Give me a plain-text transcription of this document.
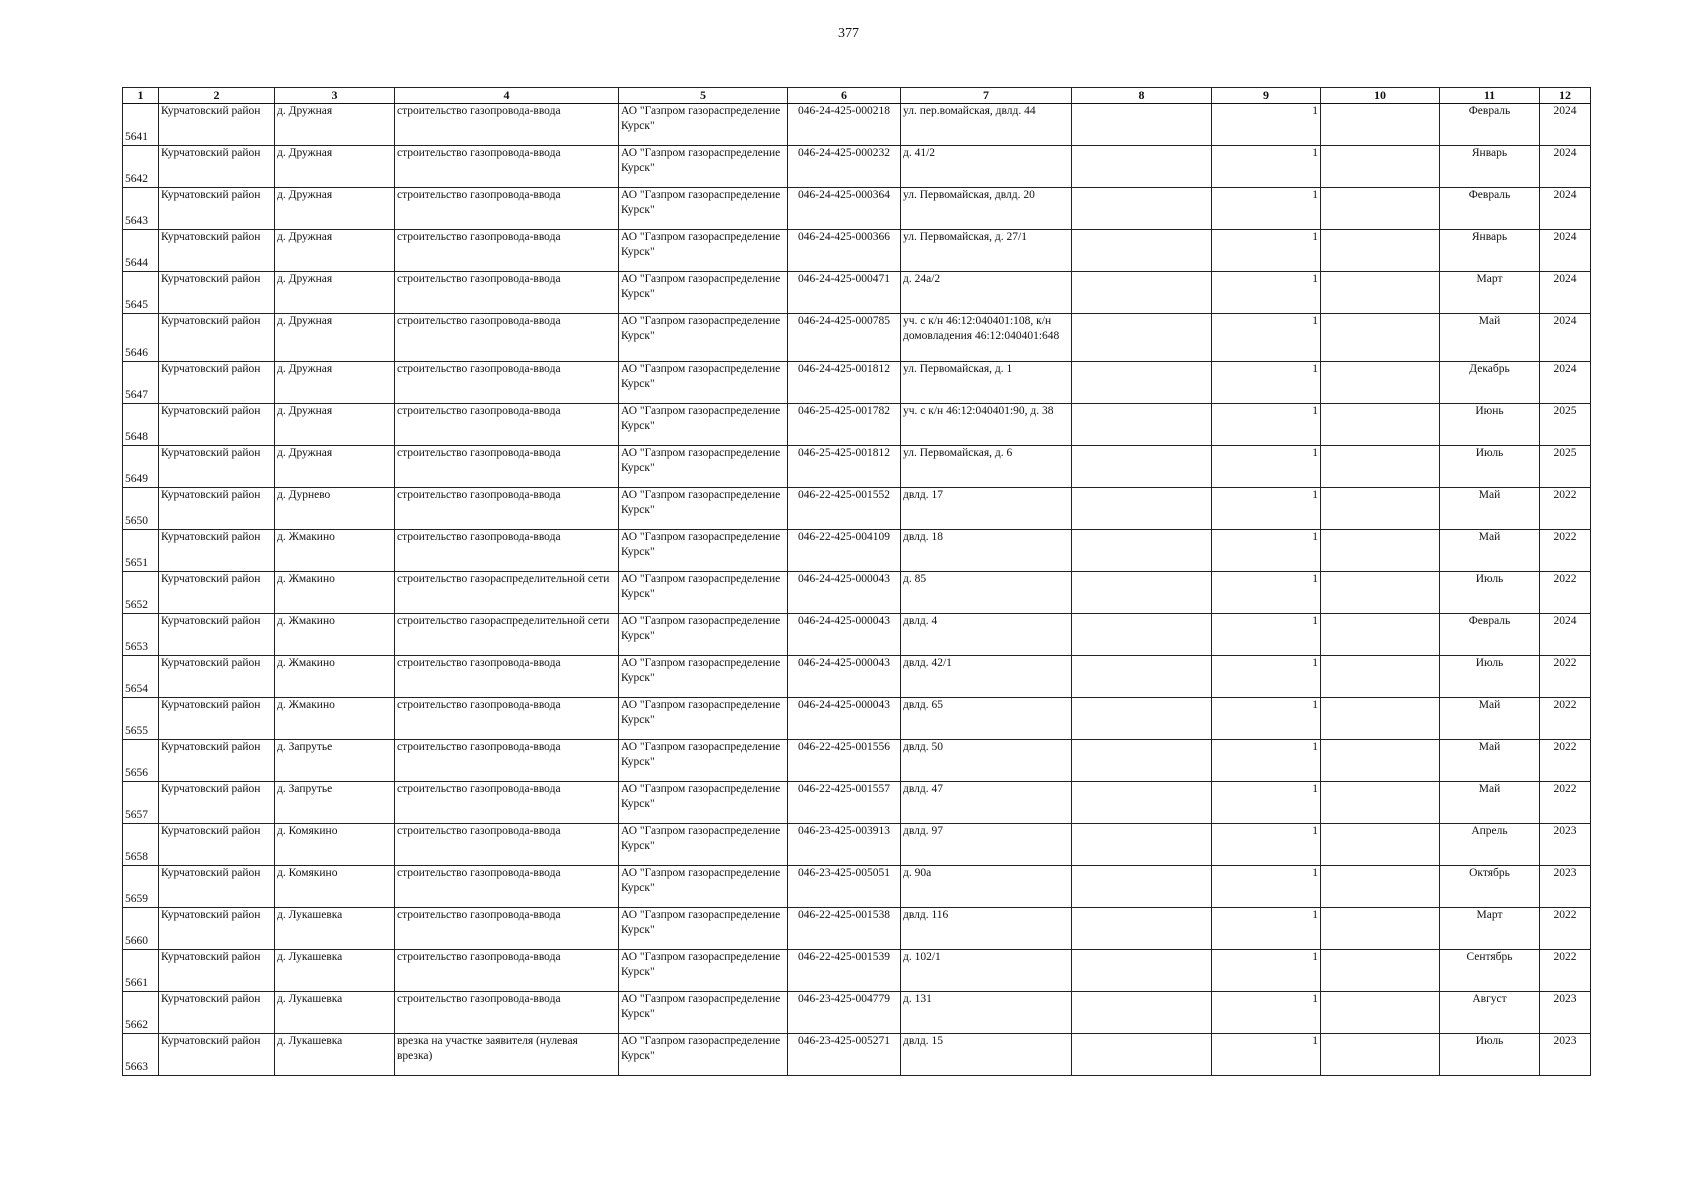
377
1	2	3	4	5	6	7	8	9	10	11	12
5641	Курчатовский район	д. Дружная	строительство газопровода-ввода	АО "Газпром газораспределение Курск"	046-24-425-000218	ул. пер.вомайская, двлд. 44		1		Февраль	2024
5642	Курчатовский район	д. Дружная	строительство газопровода-ввода	АО "Газпром газораспределение Курск"	046-24-425-000232	д. 41/2		1		Январь	2024
5643	Курчатовский район	д. Дружная	строительство газопровода-ввода	АО "Газпром газораспределение Курск"	046-24-425-000364	ул. Первомайская, двлд. 20		1		Февраль	2024
5644	Курчатовский район	д. Дружная	строительство газопровода-ввода	АО "Газпром газораспределение Курск"	046-24-425-000366	ул. Первомайская, д. 27/1		1		Январь	2024
5645	Курчатовский район	д. Дружная	строительство газопровода-ввода	АО "Газпром газораспределение Курск"	046-24-425-000471	д. 24а/2		1		Март	2024
5646	Курчатовский район	д. Дружная	строительство газопровода-ввода	АО "Газпром газораспределение Курск"	046-24-425-000785	уч. с к/н 46:12:040401:108, к/н домовладения 46:12:040401:648		1		Май	2024
5647	Курчатовский район	д. Дружная	строительство газопровода-ввода	АО "Газпром газораспределение Курск"	046-24-425-001812	ул. Первомайская, д. 1		1		Декабрь	2024
5648	Курчатовский район	д. Дружная	строительство газопровода-ввода	АО "Газпром газораспределение Курск"	046-25-425-001782	уч. с к/н 46:12:040401:90, д. 38		1		Июнь	2025
5649	Курчатовский район	д. Дружная	строительство газопровода-ввода	АО "Газпром газораспределение Курск"	046-25-425-001812	ул. Первомайская, д. 6		1		Июль	2025
5650	Курчатовский район	д. Дурнево	строительство газопровода-ввода	АО "Газпром газораспределение Курск"	046-22-425-001552	двлд. 17		1		Май	2022
5651	Курчатовский район	д. Жмакино	строительство газопровода-ввода	АО "Газпром газораспределение Курск"	046-22-425-004109	двлд. 18		1		Май	2022
5652	Курчатовский район	д. Жмакино	строительство газораспределительной сети	АО "Газпром газораспределение Курск"	046-24-425-000043	д. 85		1		Июль	2022
5653	Курчатовский район	д. Жмакино	строительство газораспределительной сети	АО "Газпром газораспределение Курск"	046-24-425-000043	двлд. 4		1		Февраль	2024
5654	Курчатовский район	д. Жмакино	строительство газопровода-ввода	АО "Газпром газораспределение Курск"	046-24-425-000043	двлд. 42/1		1		Июль	2022
5655	Курчатовский район	д. Жмакино	строительство газопровода-ввода	АО "Газпром газораспределение Курск"	046-24-425-000043	двлд. 65		1		Май	2022
5656	Курчатовский район	д. Запрутье	строительство газопровода-ввода	АО "Газпром газораспределение Курск"	046-22-425-001556	двлд. 50		1		Май	2022
5657	Курчатовский район	д. Запрутье	строительство газопровода-ввода	АО "Газпром газораспределение Курск"	046-22-425-001557	двлд. 47		1		Май	2022
5658	Курчатовский район	д. Комякино	строительство газопровода-ввода	АО "Газпром газораспределение Курск"	046-23-425-003913	двлд. 97		1		Апрель	2023
5659	Курчатовский район	д. Комякино	строительство газопровода-ввода	АО "Газпром газораспределение Курск"	046-23-425-005051	д. 90а		1		Октябрь	2023
5660	Курчатовский район	д. Лукашевка	строительство газопровода-ввода	АО "Газпром газораспределение Курск"	046-22-425-001538	двлд. 116		1		Март	2022
5661	Курчатовский район	д. Лукашевка	строительство газопровода-ввода	АО "Газпром газораспределение Курск"	046-22-425-001539	д. 102/1		1		Сентябрь	2022
5662	Курчатовский район	д. Лукашевка	строительство газопровода-ввода	АО "Газпром газораспределение Курск"	046-23-425-004779	д. 131		1		Август	2023
5663	Курчатовский район	д. Лукашевка	врезка на участке заявителя (нулевая врезка)	АО "Газпром газораспределение Курск"	046-23-425-005271	двлд. 15		1		Июль	2023
